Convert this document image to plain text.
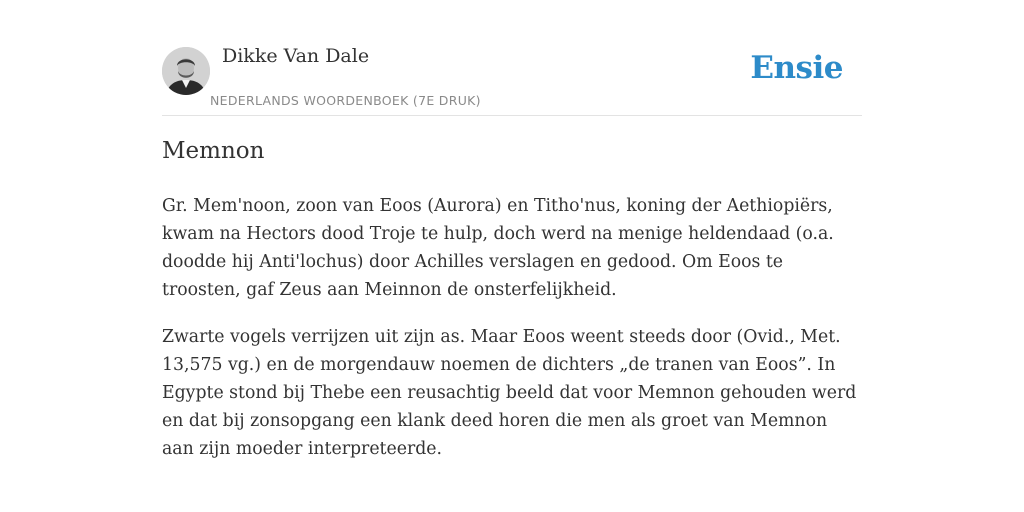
Dikke Van Dale
NEDERLANDS WOORDENBOEK (7E DRUK)
Ensie
Memnon

Gr. Mem'noon, zoon van Eoos (Aurora) en Titho'nus, koning der Aethiopiërs, kwam na Hectors dood Troje te hulp, doch werd na menige heldendaad (o.a. doodde hij Anti'lochus) door Achilles verslagen en gedood. Om Eoos te troosten, gaf Zeus aan Meinnon de onsterfelijkheid.

Zwarte vogels verrijzen uit zijn as. Maar Eoos weent steeds door (Ovid., Met. 13,575 vg.) en de morgendauw noemen de dichters „de tranen van Eoos”. In Egypte stond bij Thebe een reusachtig beeld dat voor Memnon gehouden werd en dat bij zonsopgang een klank deed horen die men als groet van Memnon aan zijn moeder interpreteerde.
